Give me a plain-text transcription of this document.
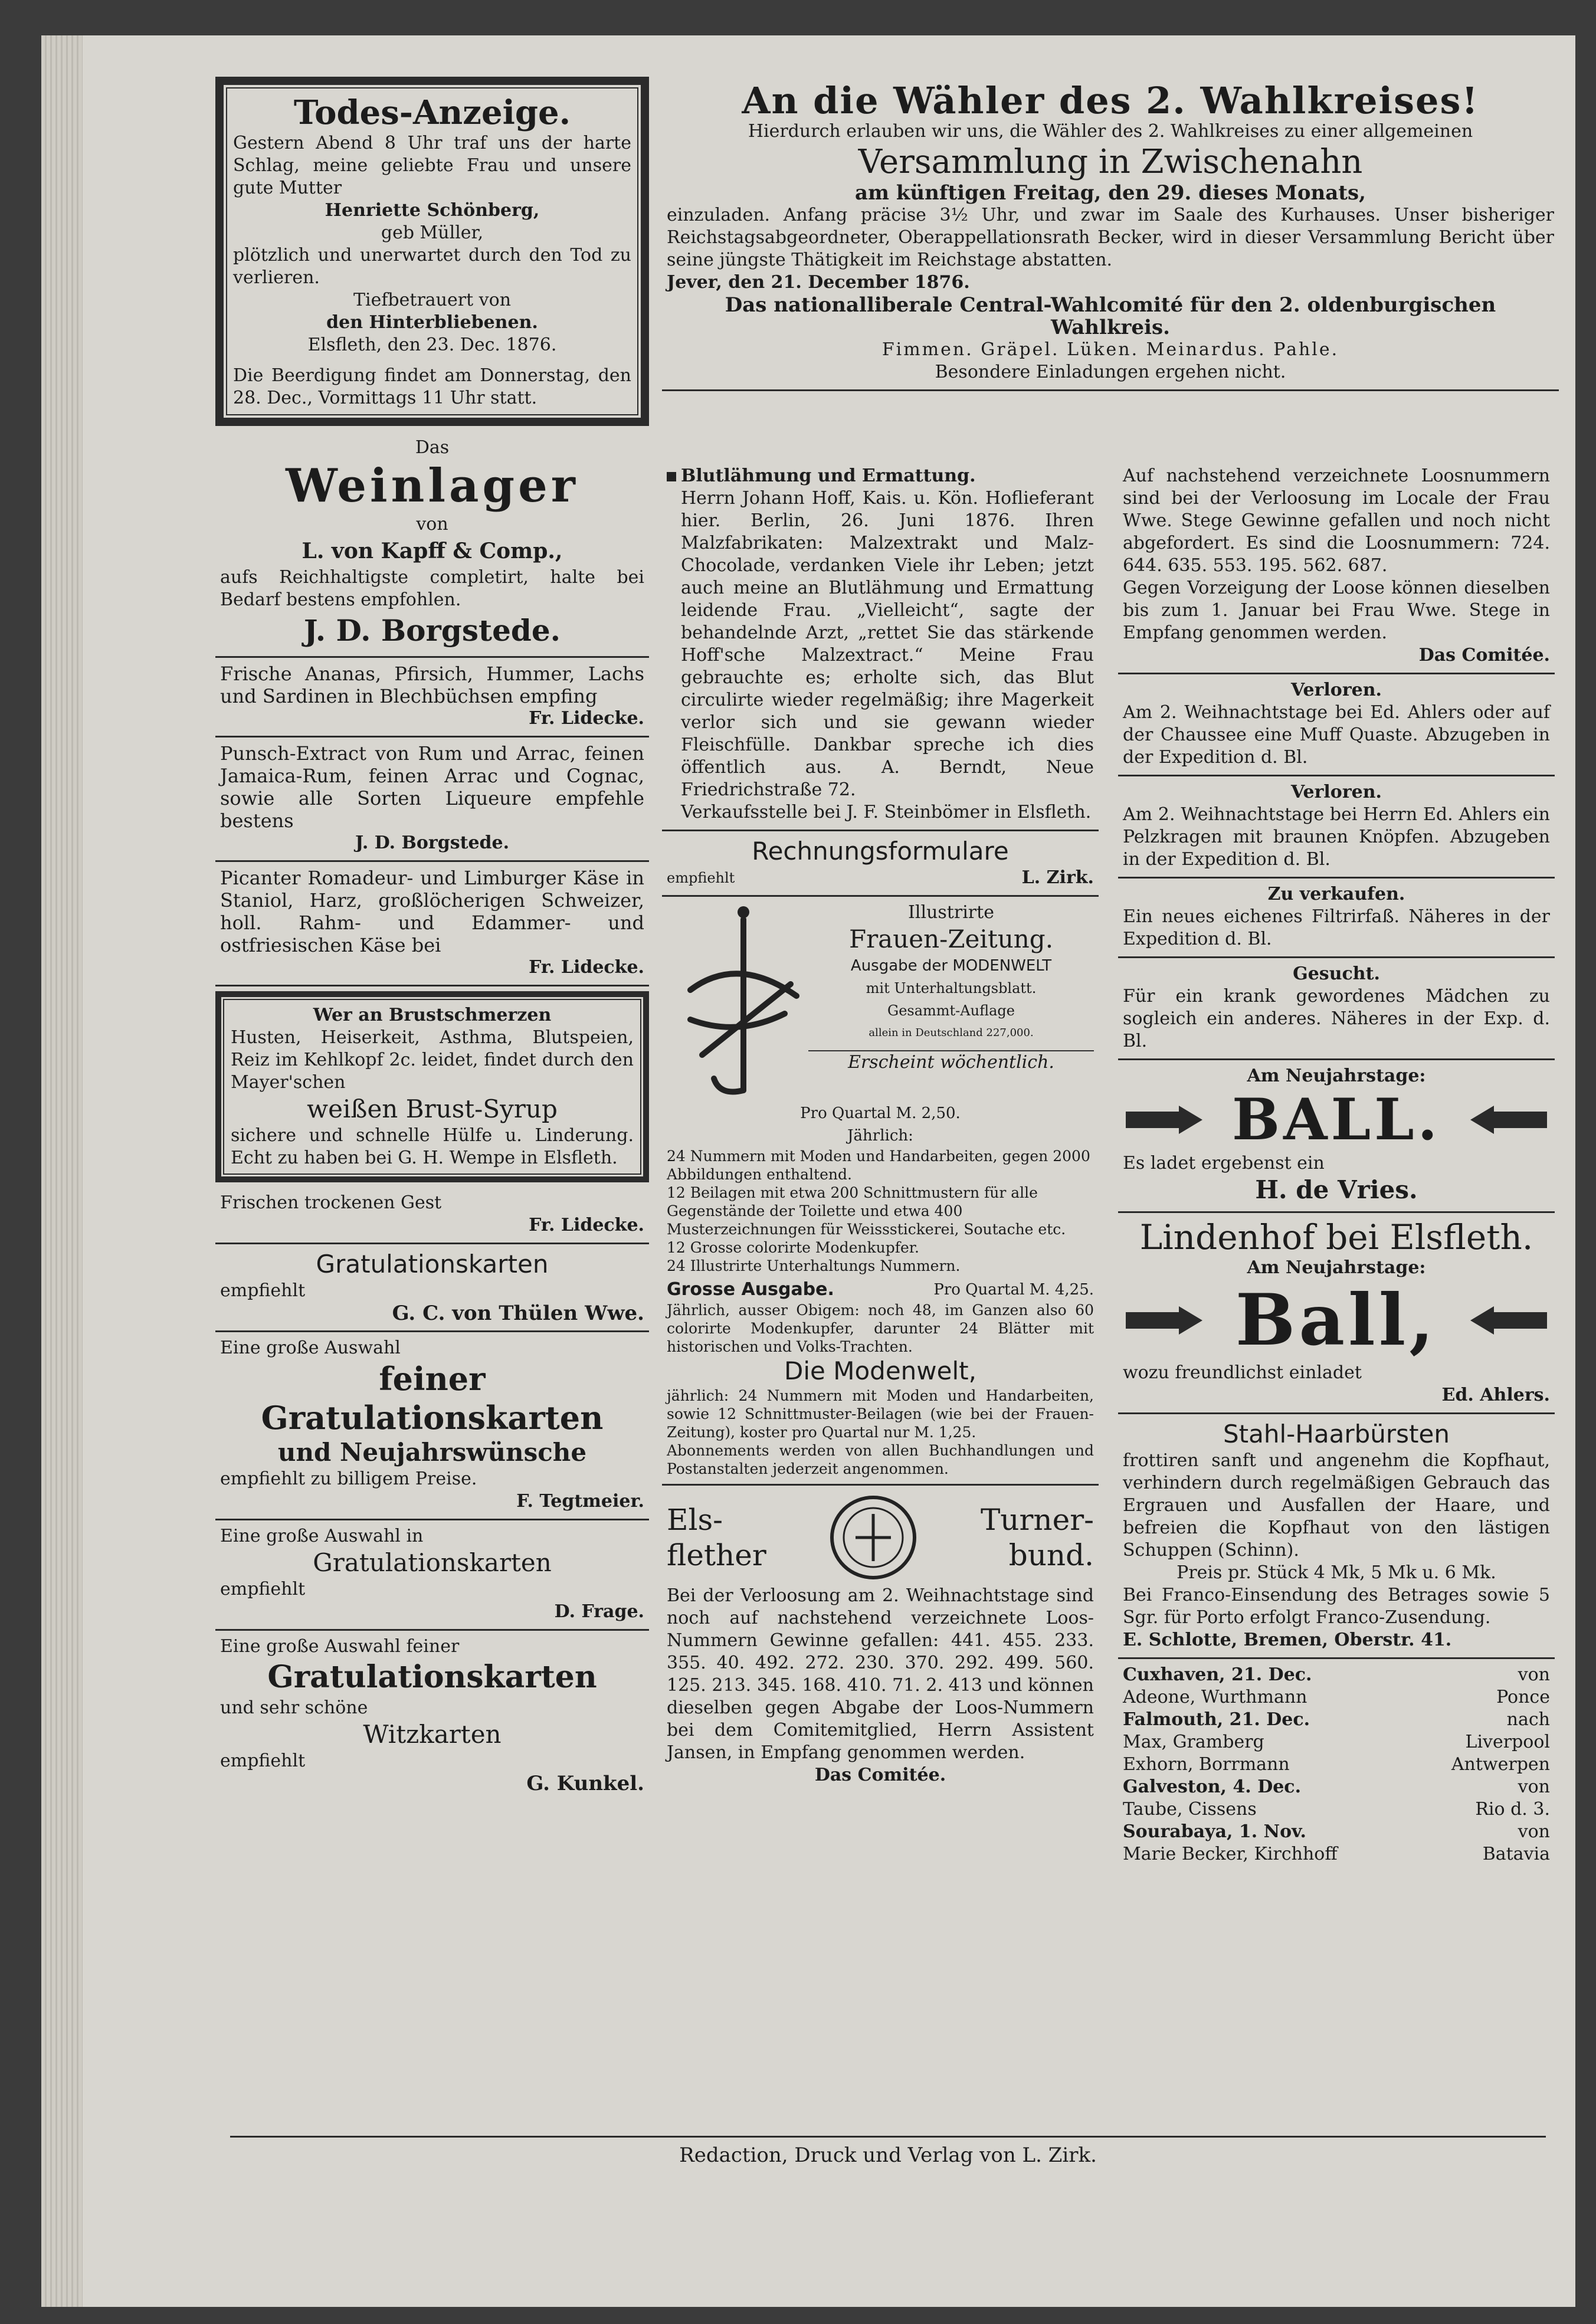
Todes-Anzeige.
Gestern Abend 8 Uhr traf uns der harte Schlag, meine geliebte Frau und unsere gute Mutter
Henriette Schönberg,
geb Müller,
plötzlich und unerwartet durch den Tod zu verlieren.
Tiefbetrauert von
den Hinterbliebenen.
Elsfleth, den 23. Dec. 1876.
Die Beerdigung findet am Donnerstag, den 28. Dec., Vormittags 11 Uhr statt.
Das
Weinlager
von
L. von Kapff & Comp.,
aufs Reichhaltigste completirt, halte bei Bedarf bestens empfohlen.
J. D. Borgstede.
Frische Ananas, Pfirsich, Hummer, Lachs und Sardinen in Blechbüchsen empfing
Fr. Lidecke.
Punsch-Extract von Rum und Arrac, feinen Jamaica-Rum, feinen Arrac und Cognac, sowie alle Sorten Liqueure empfehle bestens
J. D. Borgstede.
Picanter Romadeur- und Limburger Käse in Staniol, Harz, großlöcherigen Schweizer, holl. Rahm- und Edammer- und ostfriesischen Käse bei
Fr. Lidecke.
Wer an Brustschmerzen
Husten, Heiserkeit, Asthma, Blutspeien, Reiz im Kehlkopf 2c. leidet, findet durch den Mayer'schen
weißen Brust-Syrup
sichere und schnelle Hülfe u. Linderung. Echt zu haben bei G. H. Wempe in Elsfleth.
Frischen trockenen Gest
Fr. Lidecke.
Gratulationskarten
empfiehlt
G. C. von Thülen Wwe.
Eine große Auswahl
feiner Gratulationskarten
und Neujahrswünsche
empfiehlt zu billigem Preise.
F. Tegtmeier.
Eine große Auswahl in
Gratulationskarten
empfiehlt
D. Frage.
Eine große Auswahl feiner
Gratulationskarten
und sehr schöne
Witzkarten
empfiehlt
G. Kunkel.
An die Wähler des 2. Wahlkreises!
Hierdurch erlauben wir uns, die Wähler des 2. Wahlkreises zu einer allgemeinen
Versammlung in Zwischenahn
am künftigen Freitag, den 29. dieses Monats,
einzuladen. Anfang präcise 3½ Uhr, und zwar im Saale des Kurhauses. Unser bisheriger Reichstagsabgeordneter, Oberappellationsrath Becker, wird in dieser Versammlung Bericht über seine jüngste Thätigkeit im Reichstage abstatten.
Jever, den 21. December 1876.
Das nationalliberale Central-Wahlcomité für den 2. oldenburgischen Wahlkreis.
Fimmen. Gräpel. Lüken. Meinardus. Pahle.
Besondere Einladungen ergehen nicht.
Blutlähmung und Ermattung.
Herrn Johann Hoff, Kais. u. Kön. Hoflieferant hier. Berlin, 26. Juni 1876. Ihren Malzfabrikaten: Malzextrakt und Malz-Chocolade, verdanken Viele ihr Leben; jetzt auch meine an Blutlähmung und Ermattung leidende Frau. „Vielleicht“, sagte der behandelnde Arzt, „rettet Sie das stärkende Hoff'sche Malzextract.“ Meine Frau gebrauchte es; erholte sich, das Blut circulirte wieder regelmäßig; ihre Magerkeit verlor sich und sie gewann wieder Fleischfülle. Dankbar spreche ich dies öffentlich aus. A. Berndt, Neue Friedrichstraße 72.
Verkaufsstelle bei J. F. Steinbömer in Elsfleth.
Rechnungsformulare
empfiehlt	L. Zirk.
Illustrirte
Frauen-Zeitung.
Ausgabe der MODENWELT
mit Unterhaltungsblatt.
Gesammt-Auflage
allein in Deutschland 227,000.
Erscheint wöchentlich.
Pro Quartal M. 2,50.
Jährlich:
24 Nummern mit Moden und Handarbeiten, gegen 2000 Abbildungen enthaltend.
12 Beilagen mit etwa 200 Schnittmustern für alle Gegenstände der Toilette und etwa 400 Musterzeichnungen für Weissstickerei, Soutache etc.
12 Grosse colorirte Modenkupfer.
24 Illustrirte Unterhaltungs Nummern.
Grosse Ausgabe.	Pro Quartal M. 4,25.
Jährlich, ausser Obigem: noch 48, im Ganzen also 60 colorirte Modenkupfer, darunter 24 Blätter mit historischen und Volks-Trachten.
Die Modenwelt,
jährlich: 24 Nummern mit Moden und Handarbeiten, sowie 12 Schnittmuster-Beilagen (wie bei der Frauen-Zeitung), koster pro Quartal nur M. 1,25.
Abonnements werden von allen Buchhandlungen und Postanstalten jederzeit angenommen.
Els-
flether
Turner-
bund.
Bei der Verloosung am 2. Weihnachtstage sind noch auf nachstehend verzeichnete Loos-Nummern Gewinne gefallen: 441. 455. 233. 355. 40. 492. 272. 230. 370. 292. 499. 560. 125. 213. 345. 168. 410. 71. 2. 413 und können dieselben gegen Abgabe der Loos-Nummern bei dem Comitemitglied, Herrn Assistent Jansen, in Empfang genommen werden.
Das Comitée.
Auf nachstehend verzeichnete Loosnummern sind bei der Verloosung im Locale der Frau Wwe. Stege Gewinne gefallen und noch nicht abgefordert. Es sind die Loosnummern: 724. 644. 635. 553. 195. 562. 687.
Gegen Vorzeigung der Loose können dieselben bis zum 1. Januar bei Frau Wwe. Stege in Empfang genommen werden.
Das Comitée.
Verloren.
Am 2. Weihnachtstage bei Ed. Ahlers oder auf der Chaussee eine Muff Quaste. Abzugeben in der Expedition d. Bl.
Verloren.
Am 2. Weihnachtstage bei Herrn Ed. Ahlers ein Pelzkragen mit braunen Knöpfen. Abzugeben in der Expedition d. Bl.
Zu verkaufen.
Ein neues eichenes Filtrirfaß. Näheres in der Expedition d. Bl.
Gesucht.
Für ein krank gewordenes Mädchen zu sogleich ein anderes. Näheres in der Exp. d. Bl.
Am Neujahrstage:
BALL.
Es ladet ergebenst ein
H. de Vries.
Lindenhof bei Elsfleth.
Am Neujahrstage:
Ball,
wozu freundlichst einladet
Ed. Ahlers.
Stahl-Haarbürsten
frottiren sanft und angenehm die Kopfhaut, verhindern durch regelmäßigen Gebrauch das Ergrauen und Ausfallen der Haare, und befreien die Kopfhaut von den lästigen Schuppen (Schinn).
Preis pr. Stück 4 Mk, 5 Mk u. 6 Mk.
Bei Franco-Einsendung des Betrages sowie 5 Sgr. für Porto erfolgt Franco-Zusendung.
E. Schlotte, Bremen, Oberstr. 41.
Cuxhaven, 21. Dec.	von
Adeone, Wurthmann	Ponce
Falmouth, 21. Dec.	nach
Max, Gramberg	Liverpool
Exhorn, Borrmann	Antwerpen
Galveston, 4. Dec.	von
Taube, Cissens	Rio d. 3.
Sourabaya, 1. Nov.	von
Marie Becker, Kirchhoff	Batavia
Redaction, Druck und Verlag von L. Zirk.
